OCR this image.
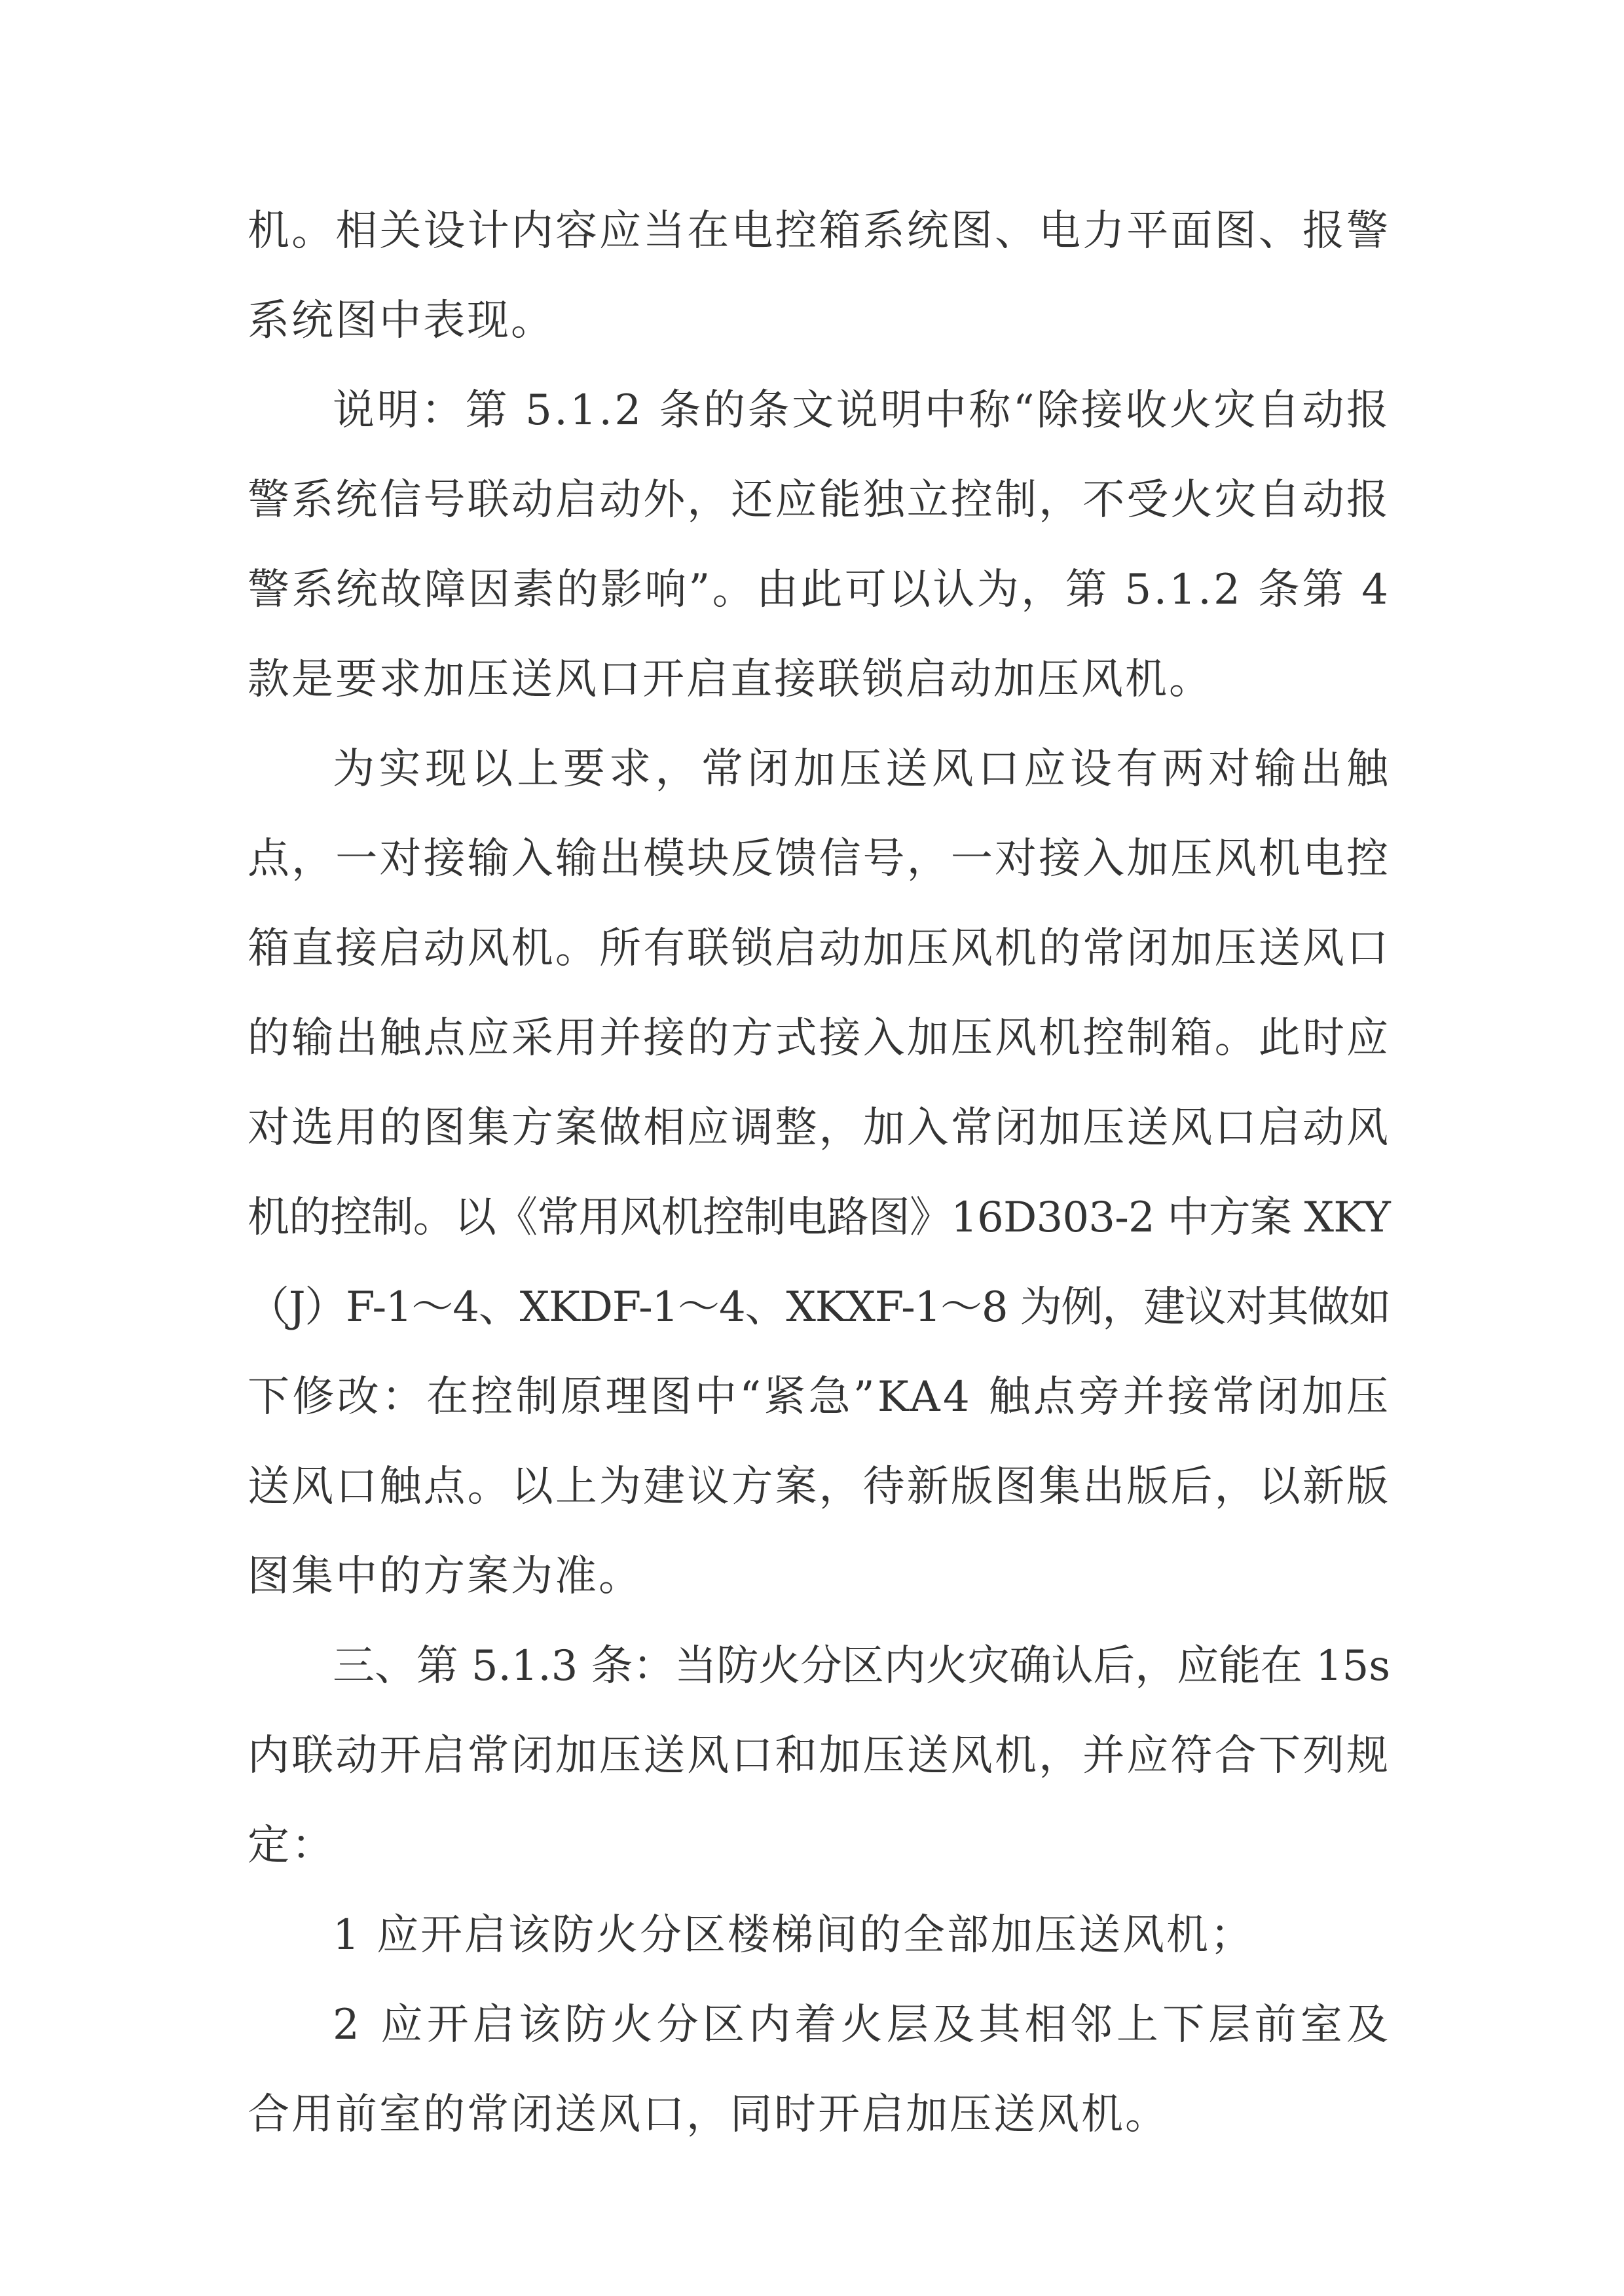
机。相关设计内容应当在电控箱系统图、电力平面图、报警
系统图中表现。
说明：第 5.1.2 条的条文说明中称“除接收火灾自动报
警系统信号联动启动外，还应能独立控制，不受火灾自动报
警系统故障因素的影响”。由此可以认为，第 5.1.2 条第 4
款是要求加压送风口开启直接联锁启动加压风机。
为实现以上要求，常闭加压送风口应设有两对输出触
点，一对接输入输出模块反馈信号，一对接入加压风机电控
箱直接启动风机。所有联锁启动加压风机的常闭加压送风口
的输出触点应采用并接的方式接入加压风机控制箱。此时应
对选用的图集方案做相应调整，加入常闭加压送风口启动风
机的控制。以《常用风机控制电路图》16D303-2 中方案 XKY
（J）F-1～4、XKDF-1～4、XKXF-1～8 为例，建议对其做如
下修改：在控制原理图中“紧急”KA4 触点旁并接常闭加压
送风口触点。以上为建议方案，待新版图集出版后，以新版
图集中的方案为准。
三、第 5.1.3 条：当防火分区内火灾确认后，应能在 15s
内联动开启常闭加压送风口和加压送风机，并应符合下列规
定：
1 应开启该防火分区楼梯间的全部加压送风机；
2 应开启该防火分区内着火层及其相邻上下层前室及
合用前室的常闭送风口，同时开启加压送风机。
